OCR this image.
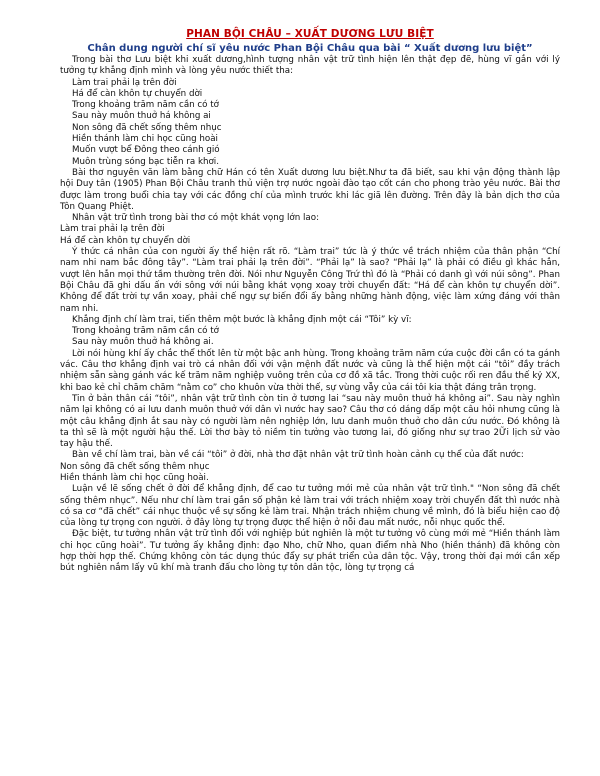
PHAN BỘI CHÂU – XUẤT DƯƠNG LƯU BIỆT
Chân dung người chí sĩ yêu nước Phan Bội Châu qua bài “ Xuất dương lưu biệt”

Trong bài thơ Lưu biệt khi xuất dương,hình tượng nhân vật trữ tình hiện lên thật đẹp đẽ, hùng vĩ gắn với lý tưởng tự khẳng định mình và lòng yêu nước thiết tha:

Làm trai phải lạ trên đời

Há để càn khôn tự chuyển dời

Trong khoảng trăm năm cần có tớ

Sau này muôn thuở há không ai

Non sông đã chết sống thêm nhục

Hiền thánh làm chi học cũng hoài

Muốn vượt bể Đông theo cánh gió

Muôn trùng sóng bạc tiễn ra khơi.

Bài thơ nguyên văn làm bằng chữ Hán có tên Xuất dương lưu biệt.Như ta đã biết, sau khi vận động thành lập hội Duy tân (1905) Phan Bội Châu tranh thủ viện trợ nước ngoài đào tạo cốt cán cho phong trào yêu nước. Bài thơ được làm trong buổi chia tay với các đồng chí của mình trước khi lác giã lên đường. Trên đây là bản dịch thơ của Tôn Quang Phiệt.

Nhân vật trữ tình trong bài thơ có một khát vọng lớn lao:

Làm trai phải lạ trên đời

Há để càn khôn tự chuyển dời

Ý thức cá nhân của con người ấy thể hiện rất rõ. “Làm trai” tức là ý thức về trách nhiệm của thân phận “Chí nam nhi nam bắc đông tây”. “Làm trai phải lạ trên đời”. “Phải lạ” là sao? “Phải lạ” là phải có điều gì khác hẳn, vượt lên hẳn mọi thứ tầm thường trên đời. Nói như Nguyễn Công Trứ thì đó là “Phải có danh gì với núi sông”. Phan Bội Châu đã ghi dấu ấn với sông với núi bằng khát vọng xoay trời chuyển đất: “Há để càn khôn tự chuyển dời”. Không để đất trời tự vần xoay, phải chế ngự sự biến đổi ấy bằng những hành động, việc làm xứng đáng với thân nam nhi.

Khẳng định chí làm trai, tiến thêm một bước là khẳng định một cái “Tôi” kỳ vĩ:

Trong khoảng trăm năm cần có tớ

Sau này muôn thuở há không ai.

Lời nói hùng khí ấy chắc thể thốt lên từ một bậc anh hùng. Trong khoảng trăm năm cứa cuộc đời cần có ta gánh vác. Câu thơ khẳng định vai trò cá nhân đối với vận mệnh đất nước và cũng là thể hiện một cái “tôi” đầy trách nhiệm sẵn sàng gánh vác kế trăm năm nghiệp vuông trên của cơ đồ xã tắc. Trong thời cuộc rối ren đầu thế kỷ XX, khi bao kẻ chỉ chăm chăm “nằm co” cho khuôn vừa thời thế, sự vùng vẫy của cái tôi kia thật đáng trân trọng.

Tin ở bản thân cái “tôi”, nhân vật trữ tình còn tin ở tương lai “sau này muôn thuở há không ai”. Sau này nghìn năm lại không có ai lưu danh muôn thuở với dân vì nước hay sao? Câu thơ có dáng dấp một câu hỏi nhưng cũng là một câu khẳng định ắt sau này có người làm nên nghiệp lớn, lưu danh muôn thuở cho dân cứu nước. Đó không là ta thì sẽ là một người hậu thế. Lời thơ bày tỏ niềm tin tưởng vào tương lai, đó giống như sự trao 2Ữi lịch sử vào tay hậu thế.

Bàn về chí làm trai, bàn về cái “tôi” ở đời, nhà thơ đặt nhân vật trữ tình hoàn cảnh cụ thể của đất nước:

Non sông đã chết sống thêm nhục

Hiền thánh làm chi học cũng hoài.

Luận về lẽ sống chết ở đời để khẳng định, để cao tư tưởng mới mẻ của nhân vật trữ tình." “Non sông đã chết sống thêm nhục”. Nếu như chí làm trai gắn số phận kẻ làm trai với trách nhiệm xoay trời chuyển đất thì nước nhà có sa cơ “đã chết” cái nhục thuộc về sự sống kẻ làm trai. Nhận trách nhiệm chung về mình, đó là biểu hiện cao độ của lòng tự trọng con người. ở đây lòng tự trọng được thể hiện ở nỗi đau mất nước, nỗi nhục quốc thể.

Đặc biệt, tư tưởng nhân vật trữ tình đối với nghiệp bút nghiên là một tư tưởng vô cùng mới mẻ “Hiền thánh làm chi học cũng hoài”. Tư tưởng ấy khẳng định: đạo Nho, chữ Nho, quan điểm nhà Nho (hiền thánh) đã không còn hợp thời hợp thế. Chứng không còn tác dụng thúc đẩy sự phát triển của dân tộc. Vậy, trong thời đại mới cần xếp bút nghiên nắm lấy vũ khí mà tranh đấu cho lòng tự tôn dân tộc, lòng tự trọng cá
